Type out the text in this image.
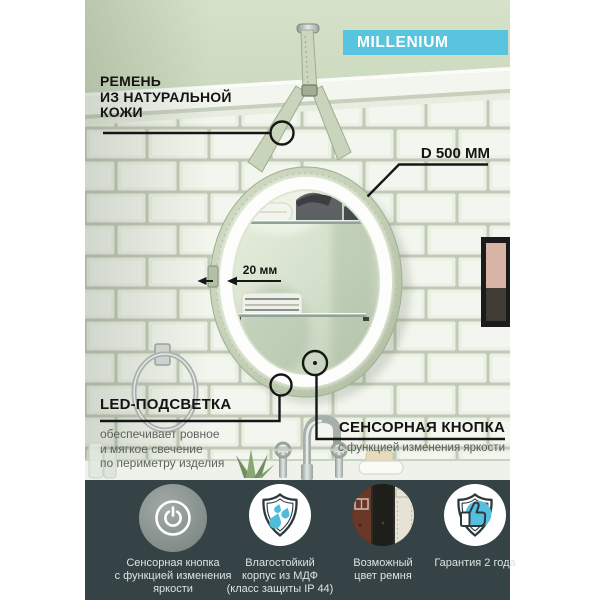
MILLENIUM
РЕМЕНЬ
ИЗ НАТУРАЛЬНОЙ
КОЖИ
D 500 ММ
20 мм
LED-ПОДСВЕТКА
обеспечивает ровное
и мягкое свечение
по периметру изделия
СЕНСОРНАЯ КНОПКА
с функцией изменения яркости
Сенсорная кнопка
с функцией изменения
яркости
Влагостойкий
корпус из МДФ
(класс защиты IP 44)
Возможный
цвет ремня
Гарантия 2 года
